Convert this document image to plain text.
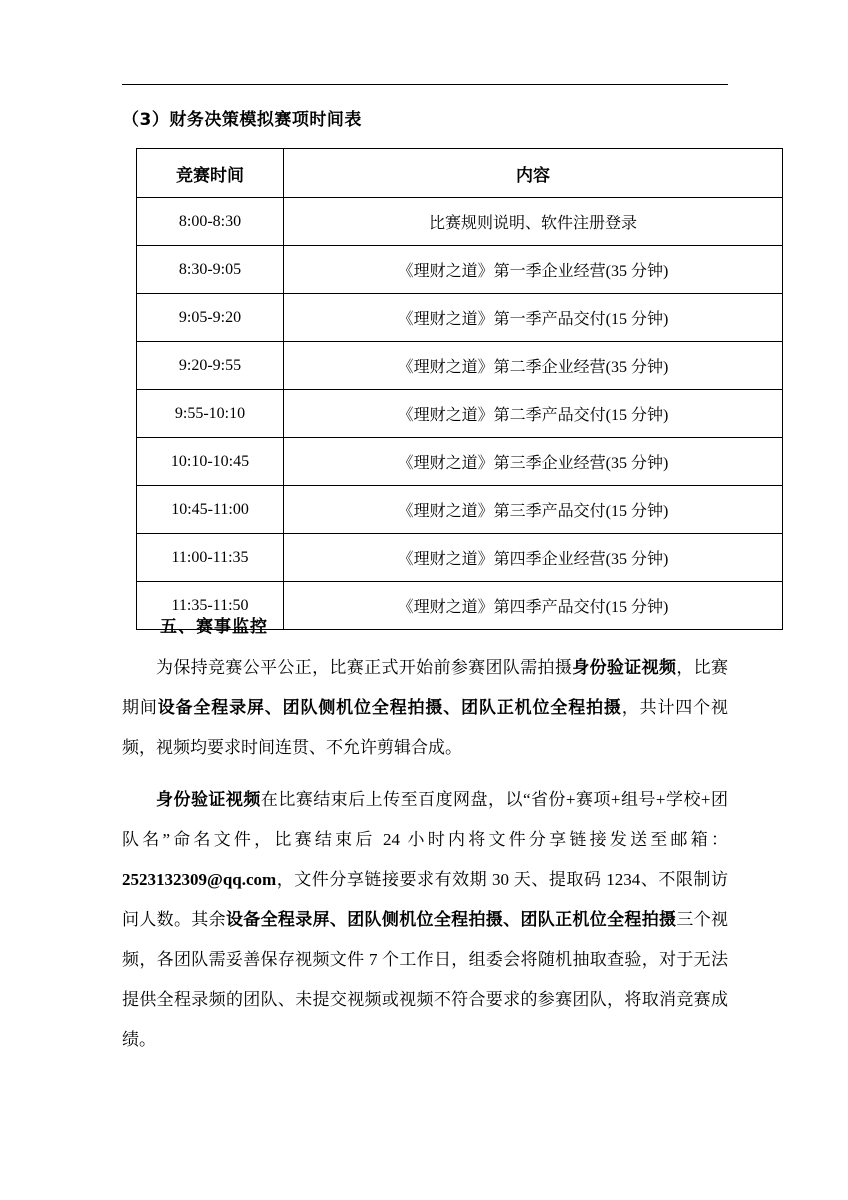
（3）财务决策模拟赛项时间表
竞赛时间	内容
8:00-8:30	比赛规则说明、软件注册登录
8:30-9:05	《理财之道》第一季企业经营(35 分钟)
9:05-9:20	《理财之道》第一季产品交付(15 分钟)
9:20-9:55	《理财之道》第二季企业经营(35 分钟)
9:55-10:10	《理财之道》第二季产品交付(15 分钟)
10:10-10:45	《理财之道》第三季企业经营(35 分钟)
10:45-11:00	《理财之道》第三季产品交付(15 分钟)
11:00-11:35	《理财之道》第四季企业经营(35 分钟)
11:35-11:50	《理财之道》第四季产品交付(15 分钟)
五、赛事监控
为保持竞赛公平公正，比赛正式开始前参赛团队需拍摄身份验证视频，比赛期间设备全程录屏、团队侧机位全程拍摄、团队正机位全程拍摄，共计四个视频，视频均要求时间连贯、不允许剪辑合成。
身份验证视频在比赛结束后上传至百度网盘，以“省份+赛项+组号+学校+团队名”命名文件，比赛结束后 24 小时内将文件分享链接发送至邮箱：2523132309@qq.com，文件分享链接要求有效期 30 天、提取码 1234、不限制访问人数。其余设备全程录屏、团队侧机位全程拍摄、团队正机位全程拍摄三个视频，各团队需妥善保存视频文件 7 个工作日，组委会将随机抽取查验，对于无法提供全程录频的团队、未提交视频或视频不符合要求的参赛团队，将取消竞赛成绩。
